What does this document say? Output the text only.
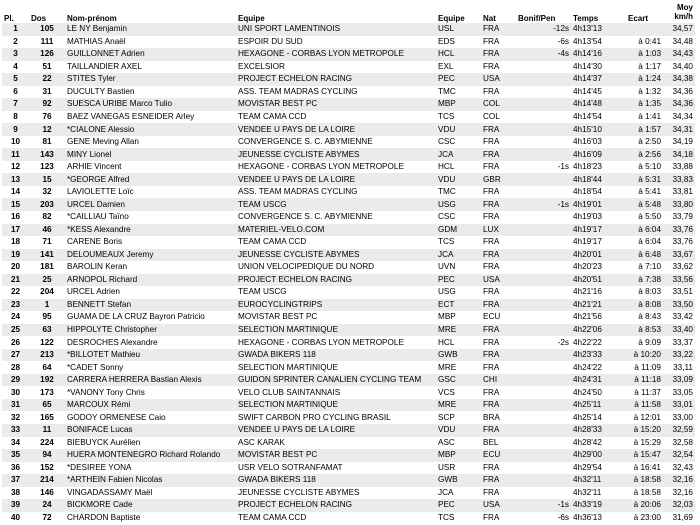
Pl.	Dos	Nom-prénom	Equipe	Equipe	Nat	Bonif/Pen	Temps	Ecart	Moy
km/h

1	105	LE NY Benjamin	UNI SPORT LAMENTINOIS	USL	FRA	-12s	4h13'13		34,57
2	111	MATHIAS Anaël	ESPOIR DU SUD	EDS	FRA	-6s	4h13'54	à 0:41	34,48
3	126	GUILLONNET Adrien	HEXAGONE - CORBAS LYON METROPOLE	HCL	FRA	-4s	4h14'16	à 1:03	34,43
4	51	TAILLANDIER AXEL	EXCELSIOR	EXL	FRA		4h14'30	à 1:17	34,40
5	22	STITES Tyler	PROJECT ECHELON RACING	PEC	USA		4h14'37	à 1:24	34,38
6	31	DUCULTY Bastien	ASS. TEAM MADRAS CYCLING	TMC	FRA		4h14'45	à 1:32	34,36
7	92	SUESCA URIBE Marco Tulio	MOVISTAR BEST PC	MBP	COL		4h14'48	à 1:35	34,36
8	76	BAEZ VANEGAS ESNEIDER Arley	TEAM CAMA CCD	TCS	COL		4h14'54	à 1:41	34,34
9	12	*CIALONE Alessio	VENDEE U PAYS DE LA LOIRE	VDU	FRA		4h15'10	à 1:57	34,31
10	81	GENE Meving Allan	CONVERGENCE S. C. ABYMIENNE	CSC	FRA		4h16'03	à 2:50	34,19
11	143	MINY Lionel	JEUNESSE CYCLISTE ABYMES	JCA	FRA		4h16'09	à 2:56	34,18
12	123	ARHIE Vincent	HEXAGONE - CORBAS LYON METROPOLE	HCL	FRA	-1s	4h18'23	à 5:10	33,88
13	15	*GEORGE Alfred	VENDEE U PAYS DE LA LOIRE	VDU	GBR		4h18'44	à 5:31	33,83
14	32	LAVIOLETTE Loïc	ASS. TEAM MADRAS CYCLING	TMC	FRA		4h18'54	à 5:41	33,81
15	203	URCEL Damien	TEAM USCG	USG	FRA	-1s	4h19'01	à 5:48	33,80
16	82	*CAILLIAU Taïno	CONVERGENCE S. C. ABYMIENNE	CSC	FRA		4h19'03	à 5:50	33,79
17	46	*KESS Alexandre	MATERIEL-VELO.COM	GDM	LUX		4h19'17	à 6:04	33,76
18	71	CARENE Boris	TEAM CAMA CCD	TCS	FRA		4h19'17	à 6:04	33,76
19	141	DELOUMEAUX Jeremy	JEUNESSE CYCLISTE ABYMES	JCA	FRA		4h20'01	à 6:48	33,67
20	181	BAROLIN Keran	UNION VELOCIPEDIQUE DU NORD	UVN	FRA		4h20'23	à 7:10	33,62
21	25	ARNOPOL Richard	PROJECT ECHELON RACING	PEC	USA		4h20'51	à 7:38	33,56
22	204	URCEL Adrien	TEAM USCG	USG	FRA		4h21'16	à 8:03	33,51
23	1	BENNETT Stefan	EUROCYCLINGTRIPS	ECT	FRA		4h21'21	à 8:08	33,50
24	95	GUAMA DE LA CRUZ Bayron Patricio	MOVISTAR BEST PC	MBP	ECU		4h21'56	à 8:43	33,42
25	63	HIPPOLYTE Christopher	SELECTION MARTINIQUE	MRE	FRA		4h22'06	à 8:53	33,40
26	122	DESROCHES Alexandre	HEXAGONE - CORBAS LYON METROPOLE	HCL	FRA	-2s	4h22'22	à 9:09	33,37
27	213	*BILLOTET Mathieu	GWADA BIKERS 118	GWB	FRA		4h23'33	à 10:20	33,22
28	64	*CADET Sonny	SELECTION MARTINIQUE	MRE	FRA		4h24'22	à 11:09	33,11
29	192	CARRERA HERRERA Bastian Alexis	GUIDON SPRINTER CANALIEN CYCLING TEAM	GSC	CHI		4h24'31	à 11:18	33,09
30	173	*VANONY Tony Chris	VELO CLUB SAINTANNAIS	VCS	FRA		4h24'50	à 11:37	33,05
31	65	MARCOUX Rémi	SELECTION MARTINIQUE	MRE	FRA		4h25'11	à 11:58	33,01
32	165	GODOY ORMENESE Caio	SWIFT CARBON PRO CYCLING BRASIL	SCP	BRA		4h25'14	à 12:01	33,00
33	11	BONIFACE Lucas	VENDEE U PAYS DE LA LOIRE	VDU	FRA		4h28'33	à 15:20	32,59
34	224	BIEBUYCK Aurélien	ASC KARAK	ASC	BEL		4h28'42	à 15:29	32,58
35	94	HUERA MONTENEGRO Richard Rolando	MOVISTAR BEST PC	MBP	ECU		4h29'00	à 15:47	32,54
36	152	*DESIREE YONA	USR VELO SOTRANFAMAT	USR	FRA		4h29'54	à 16:41	32,43
37	214	*ARTHEIN Fabien Nicolas	GWADA BIKERS 118	GWB	FRA		4h32'11	à 18:58	32,16
38	146	VINGADASSAMY Maël	JEUNESSE CYCLISTE ABYMES	JCA	FRA		4h32'11	à 18:58	32,16
39	24	BICKMORE Cade	PROJECT ECHELON RACING	PEC	USA	-1s	4h33'19	à 20:06	32,03
40	72	CHARDON Baptiste	TEAM CAMA CCD	TCS	FRA	-6s	4h36'13	à 23:00	31,69
